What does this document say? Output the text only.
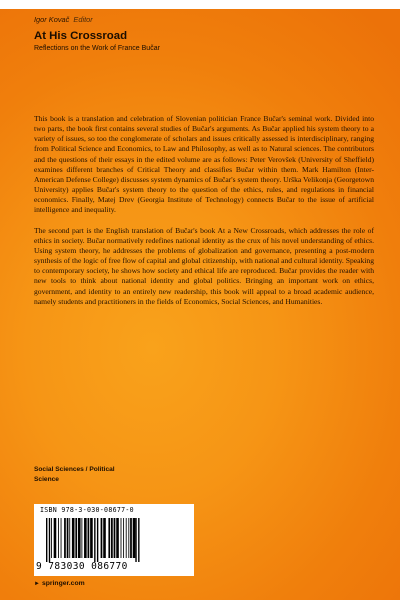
Igor Kovač Editor
At His Crossroad
Reflections on the Work of France Bučar

This book is a translation and celebration of Slovenian politician France Bučar's seminal work. Divided into two parts, the book first contains several studies of Bučar's arguments. As Bučar applied his system theory to a variety of issues, so too the conglomerate of scholars and issues critically assessed is interdisciplinary, ranging from Political Science and Economics, to Law and Philosophy, as well as to Natural sciences. The contributors and the questions of their essays in the edited volume are as follows: Peter Verovšek (University of Sheffield) examines different branches of Critical Theory and classifies Bučar within them. Mark Hamilton (Inter-American Defense College) discusses system dynamics of Bučar's system theory. Urška Velikonja (Georgetown University) applies Bučar's system theory to the question of the ethics, rules, and regulations in financial economics. Finally, Matej Drev (Georgia Institute of Technology) connects Bučar to the issue of artificial intelligence and inequality.

The second part is the English translation of Bučar's book At a New Crossroads, which addresses the role of ethics in society. Bučar normatively redefines national identity as the crux of his novel understanding of ethics. Using system theory, he addresses the problems of globalization and governance, presenting a post-modern synthesis of the logic of free flow of capital and global citizenship, with national and cultural identity. Speaking to contemporary society, he shows how society and ethical life are reproduced. Bučar provides the reader with new tools to think about national identity and global politics. Bringing an important work on ethics, government, and identity to an entirely new readership, this book will appeal to a broad academic audience, namely students and practitioners in the fields of Economics, Social Sciences, and Humanities.

Social Sciences / Political
Science
ISBN 978-3-030-08677-0
9 783030 086770
► springer.com
